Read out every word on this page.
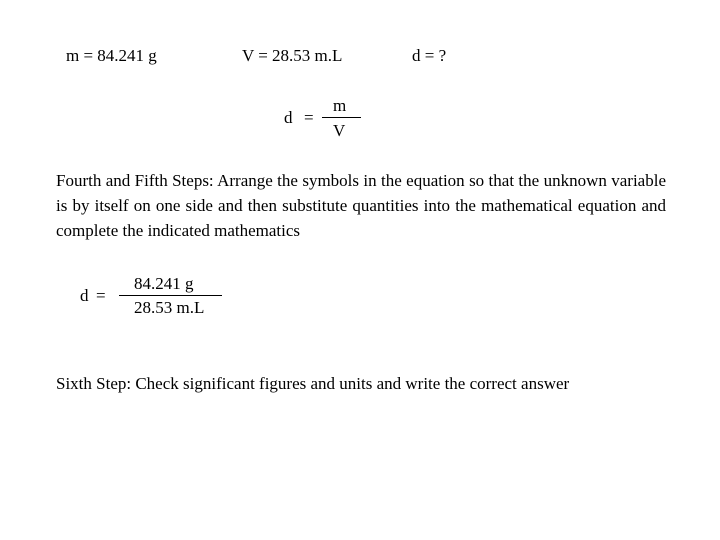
m = 84.241 g	V = 28.53 m.L	d = ?
d =
m
V
Fourth and Fifth Steps: Arrange the symbols in the equation so that the unknown variable is by itself on one side and then substitute quantities into the mathematical equation and complete the indicated mathematics
d =
84.241 g
28.53 m.L
Sixth Step: Check significant figures and units and write the correct answer
